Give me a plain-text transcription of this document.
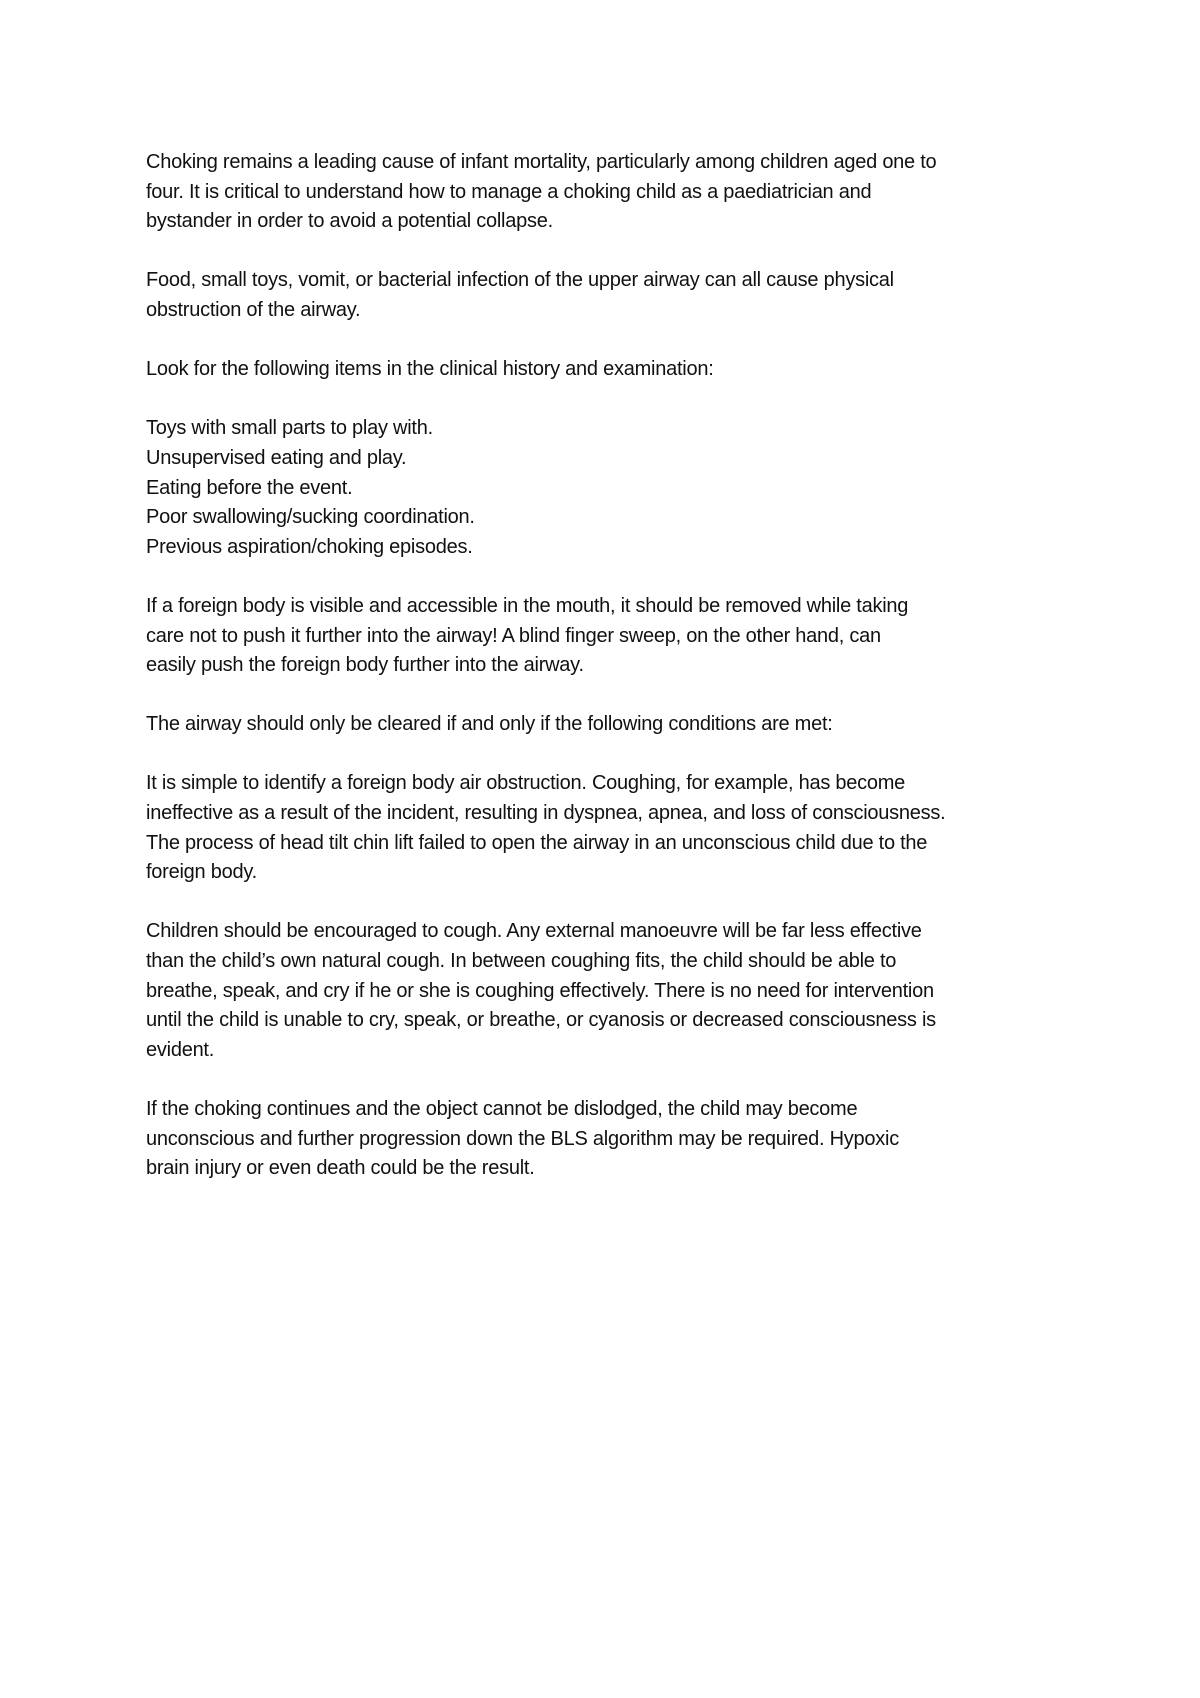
Choking remains a leading cause of infant mortality, particularly among children aged one to
four. It is critical to understand how to manage a choking child as a paediatrician and
bystander in order to avoid a potential collapse.

Food, small toys, vomit, or bacterial infection of the upper airway can all cause physical
obstruction of the airway.

Look for the following items in the clinical history and examination:

Toys with small parts to play with.
Unsupervised eating and play.
Eating before the event.
Poor swallowing/sucking coordination.
Previous aspiration/choking episodes.

If a foreign body is visible and accessible in the mouth, it should be removed while taking
care not to push it further into the airway! A blind finger sweep, on the other hand, can
easily push the foreign body further into the airway.

The airway should only be cleared if and only if the following conditions are met:

It is simple to identify a foreign body air obstruction. Coughing, for example, has become
ineffective as a result of the incident, resulting in dyspnea, apnea, and loss of consciousness.
The process of head tilt chin lift failed to open the airway in an unconscious child due to the
foreign body.

Children should be encouraged to cough. Any external manoeuvre will be far less effective
than the child’s own natural cough. In between coughing fits, the child should be able to
breathe, speak, and cry if he or she is coughing effectively. There is no need for intervention
until the child is unable to cry, speak, or breathe, or cyanosis or decreased consciousness is
evident.

If the choking continues and the object cannot be dislodged, the child may become
unconscious and further progression down the BLS algorithm may be required. Hypoxic
brain injury or even death could be the result.
